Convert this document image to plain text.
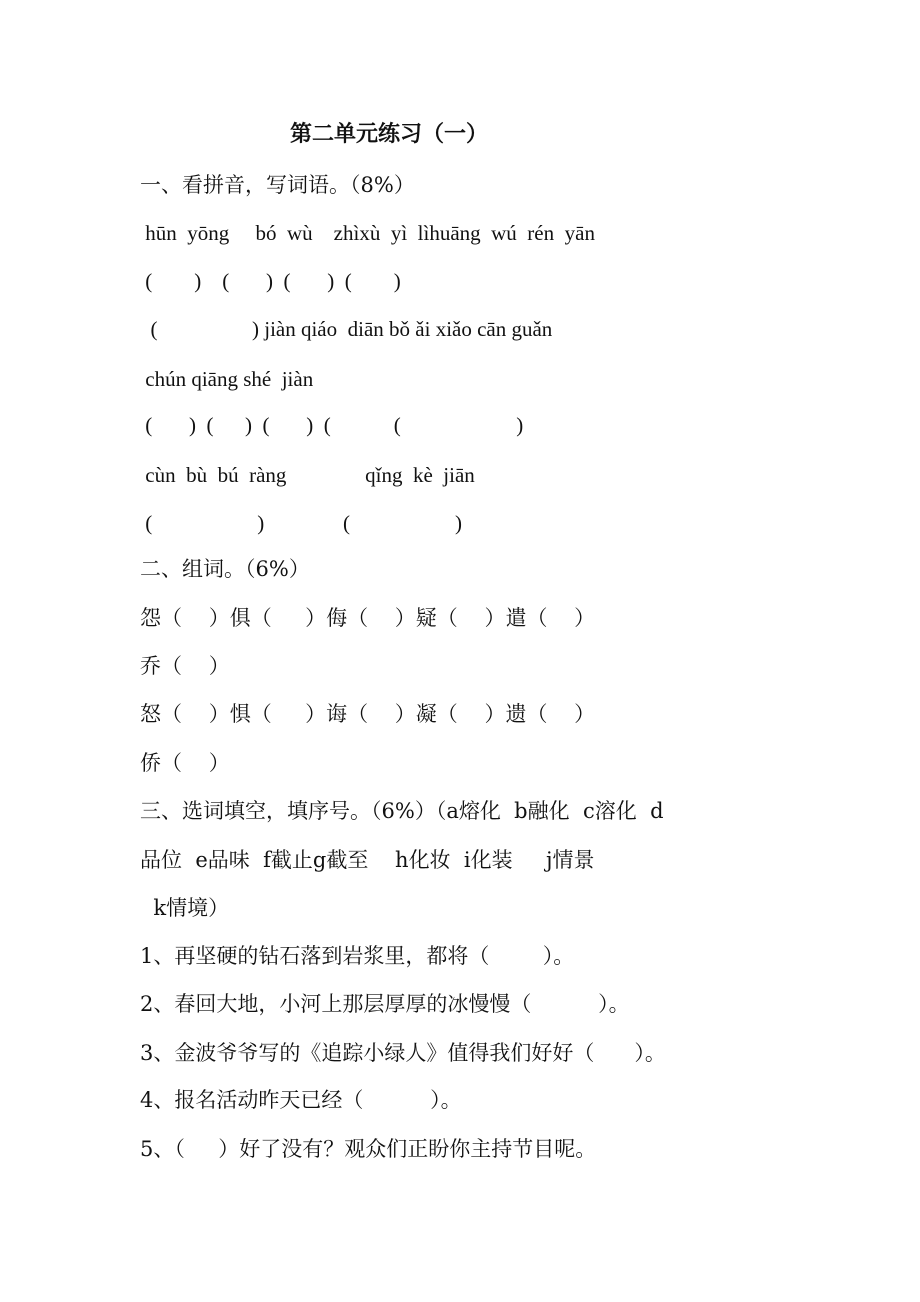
第二单元练习（一）
一、看拼音，写词语。（8%）
hūn  yōng     bó  wù    zhìxù  yì  lìhuāng  wú  rén  yān
(        )    (       )  (       )  (        )
(                  ) jiàn qiáo  diān bǒ ǎi xiǎo cān guǎn
chún qiāng shé  jiàn
(       )  (      )  (       )  (            (                      )
cùn  bù  bú  ràng               qǐng  kè  jiān
(                    )               (                    )
二、组词。（6%）
怨（    ）俱（     ）侮（    ）疑（    ）遣（    ）
乔（    ）
怒（    ）惧（     ）诲（    ）凝（    ）遗（    ）
侨（    ）
三、选词填空，填序号。（6%）（a熔化  b融化  c溶化  d
品位  e品味  f截止g截至    h化妆  i化装     j情景
k情境）
1、再坚硬的钻石落到岩浆里，都将（        ）。
2、春回大地，小河上那层厚厚的冰慢慢（          ）。
3、金波爷爷写的《追踪小绿人》值得我们好好（      ）。
4、报名活动昨天已经（          ）。
5、（     ）好了没有？观众们正盼你主持节目呢。
